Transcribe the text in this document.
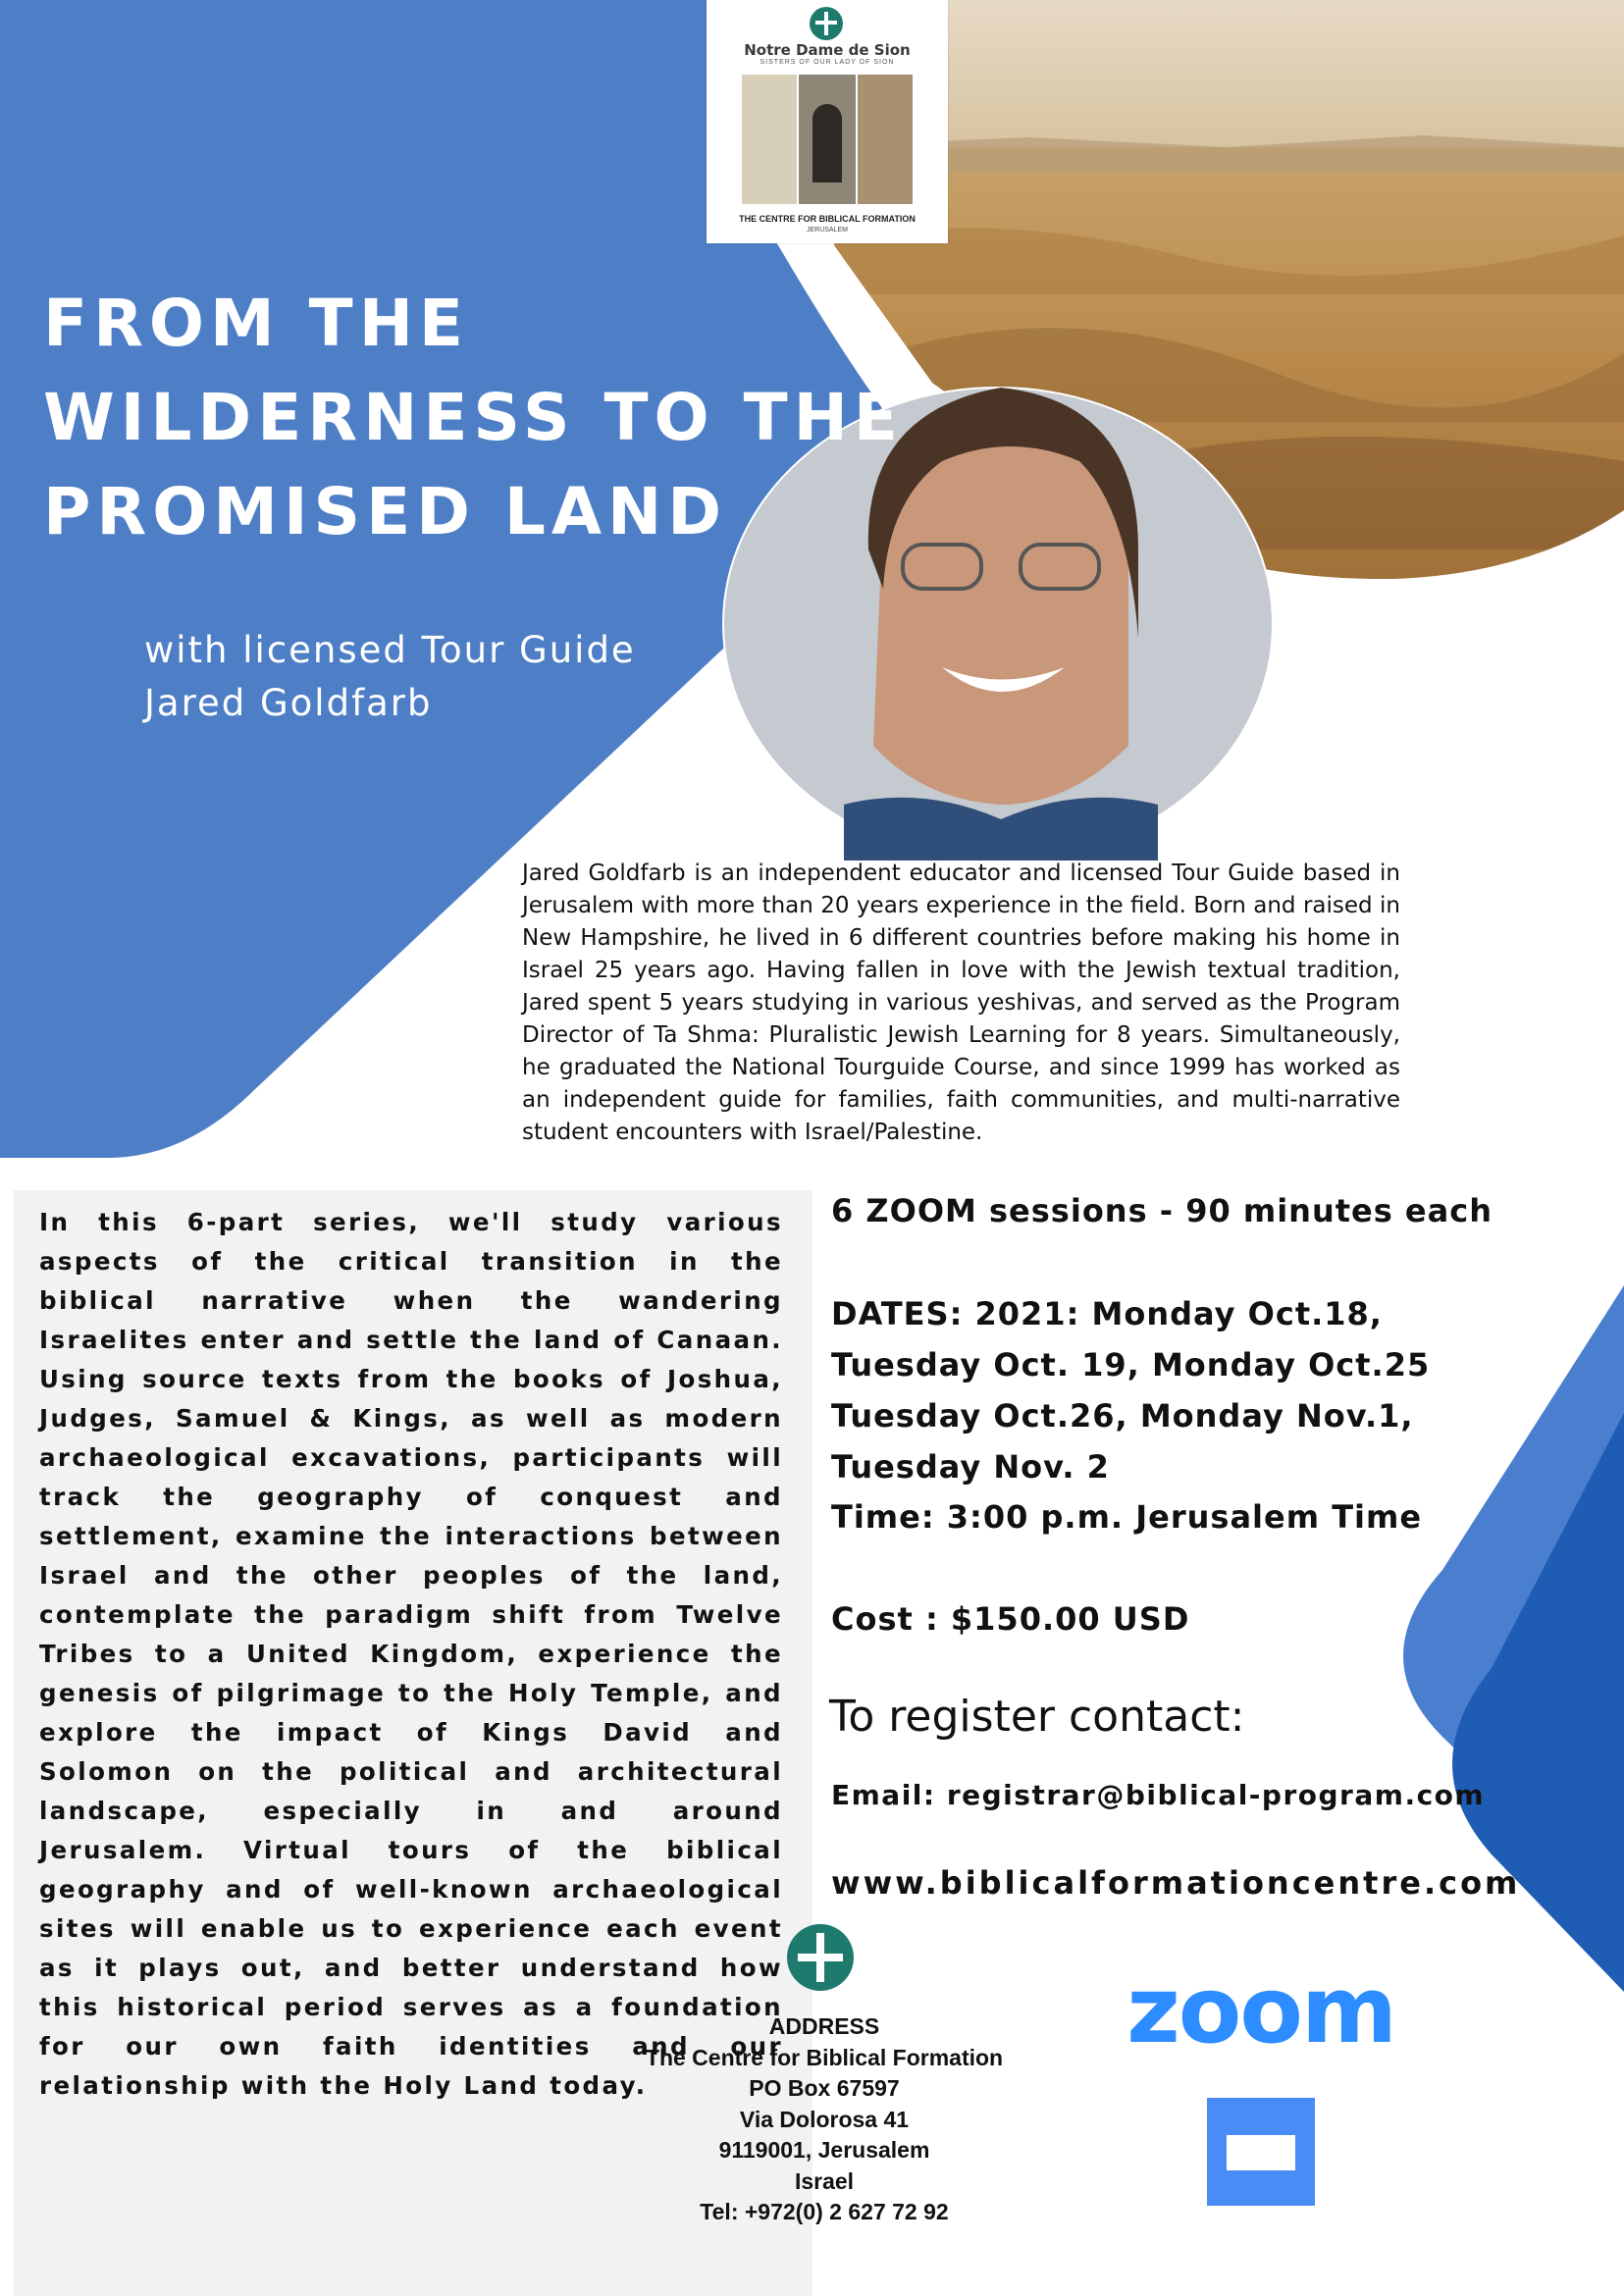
Notre Dame de Sion
SISTERS OF OUR LADY OF SION
THE CENTRE FOR BIBLICAL FORMATION
JERUSALEM
FROM THE
WILDERNESS TO THE
PROMISED LAND
with licensed Tour Guide
Jared Goldfarb
Jared Goldfarb is an independent educator and licensed Tour Guide based in Jerusalem with more than 20 years experience in the field. Born and raised in New Hampshire, he lived in 6 different countries before making his home in Israel 25 years ago. Having fallen in love with the Jewish textual tradition, Jared spent 5 years studying in various yeshivas, and served as the Program Director of Ta Shma: Pluralistic Jewish Learning for 8 years. Simultaneously, he graduated the National Tourguide Course, and since 1999 has worked as an independent guide for families, faith communities, and multi-narrative student encounters with Israel/Palestine.
In this 6-part series, we'll study various aspects of the critical transition in the biblical narrative when the wandering Israelites enter and settle the land of Canaan. Using source texts from the books of Joshua, Judges, Samuel & Kings, as well as modern archaeological excavations, participants will track the geography of conquest and settlement, examine the interactions between Israel and the other peoples of the land, contemplate the paradigm shift from Twelve Tribes to a United Kingdom, experience the genesis of pilgrimage to the Holy Temple, and explore the impact of Kings David and Solomon on the political and architectural landscape, especially in and around Jerusalem. Virtual tours of the biblical geography and of well-known archaeological sites will enable us to experience each event as it plays out, and better understand how this historical period serves as a foundation for our own faith identities and our relationship with the Holy Land today.
6 ZOOM sessions - 90 minutes each
DATES: 2021: Monday Oct.18, Tuesday Oct. 19, Monday Oct.25 Tuesday Oct.26, Monday Nov.1, Tuesday Nov. 2
Time: 3:00 p.m. Jerusalem Time
Cost : $150.00 USD
To register contact:
Email: registrar@biblical-program.com
www.biblicalformationcentre.com
ADDRESS
The Centre for Biblical Formation
PO Box 67597
Via Dolorosa 41
9119001, Jerusalem
Israel
Tel: +972(0) 2 627 72 92
zoom
